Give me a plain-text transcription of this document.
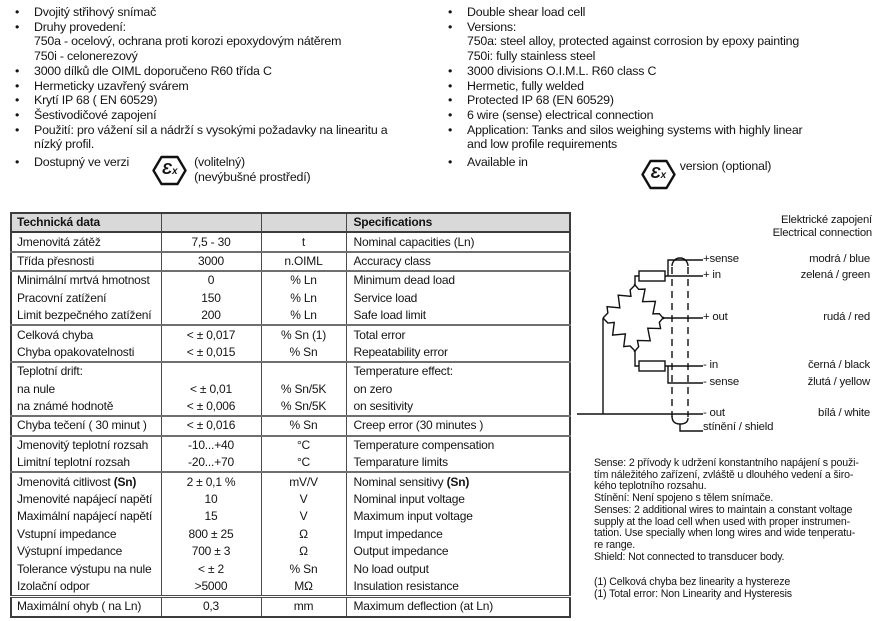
•	Dvojitý střihový snímač
•	Druhy provedení:
750a - ocelový, ochrana proti korozi epoxydovým nátěrem
750i - celonerezový
•	3000 dílků dle OIML doporučeno R60 třída C
•	Hermeticky uzavřený svárem
•	Krytí IP 68 ( EN 60529)
•	Šestivodičové zapojení
•	Použití: pro vážení sil a nádrží s vysokými požadavky na linearitu a
nízký profil.
•	Dostupný ve verzi	Ɛx
(volitelný)
(nevýbušné prostředí)
•	Double shear load cell
•	Versions:
750a: steel alloy, protected against corrosion by epoxy painting
750i: fully stainless steel
•	3000 divisions O.I.M.L. R60 class C
•	Hermetic, fully welded
•	Protected IP 68 (EN 60529)
•	6 wire (sense) electrical connection
•	Application: Tanks and silos weighing systems with highly linear
and low profile requirements
•	Available in
Ɛx
version (optional)
Technická data			Specifications
Jmenovitá zátěž	7,5 - 30	t	Nominal capacities (Ln)
Třída přesnosti	3000	n.OIML	Accuracy class
Minimální mrtvá hmotnost	0	% Ln	Minimum dead load
Pracovní zatížení	150	% Ln	Service load
Limit bezpečného zatížení	200	% Ln	Safe load limit
Celková chyba	< ± 0,017	% Sn (1)	Total error
Chyba opakovatelnosti	< ± 0,015	% Sn	Repeatability error
Teplotní drift:			Temperature effect:
na nule	< ± 0,01	% Sn/5K	on zero
na známé hodnotě	< ± 0,006	% Sn/5K	on sesitivity
Chyba tečení ( 30 minut )	< ± 0,016	% Sn	Creep error (30 minutes )
Jmenovitý teplotní rozsah	-10...+40	°C	Temperature compensation
Limitní teplotní rozsah	-20...+70	°C	Temparature limits
Jmenovitá citlivost (Sn)	2 ± 0,1 %	mV/V	Nominal sensitivy (Sn)
Jmenovité napájecí napětí	10	V	Nominal input voltage
Maximální napájecí napětí	15	V	Maximum input voltage
Vstupní impedance	800 ± 25	Ω	Imput impedance
Výstupní impedance	700 ± 3	Ω	Output impedance
Tolerance výstupu na nule	< ± 2	% Sn	No load output
Izolační odpor	>5000	MΩ	Insulation resistance
Maximální ohyb ( na Ln)	0,3	mm	Maximum deflection (at Ln)
Elektrické zapojení
Electrical connection
+sense
+ in
+ out
- in
- sense
- out
stínění / shield
modrá / blue
zelená / green
rudá / red
černá / black
žlutá / yellow
bílá / white
Sense: 2 přívody k udržení konstantního napájení s použi-
tím náležitého zařízení, zvláště u dlouhého vedení a širo-
kého teplotního rozsahu.
Stínění: Není spojeno s tělem snímače.
Senses: 2 additional wires to maintain a constant voltage
supply at the load cell when used with proper instrumen-
tation. Use specially when long wires and wide tenperatu-
re range.
Shield: Not connected to transducer body.
(1) Celková chyba bez linearity a hystereze
(1) Total error: Non Linearity and Hysteresis
